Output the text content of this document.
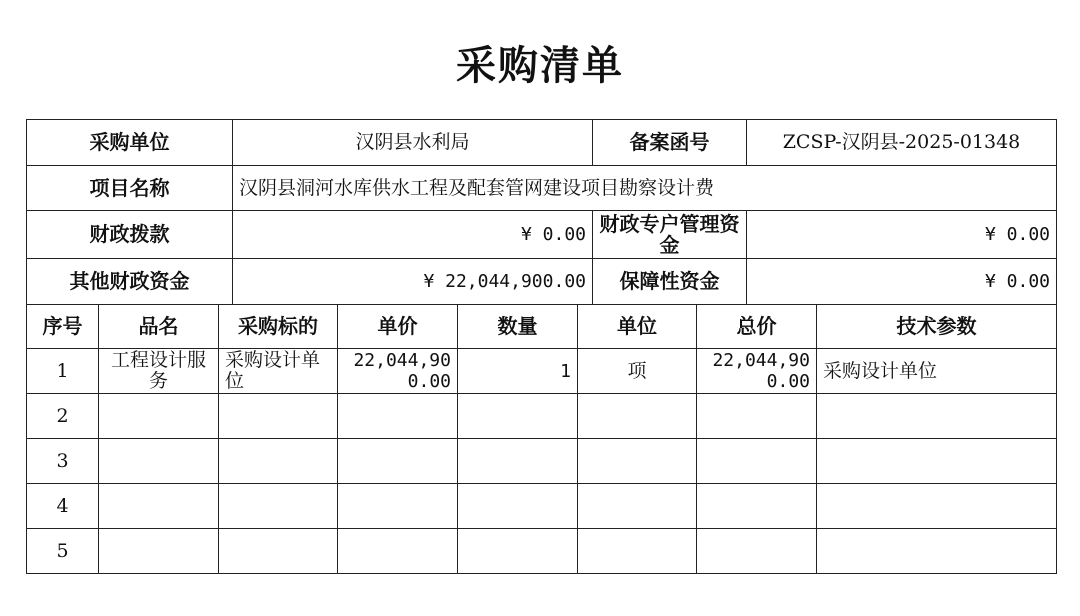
采购清单
采购单位	汉阴县水利局	备案函号	ZCSP-汉阴县-2025-01348
项目名称	汉阴县洞河水库供水工程及配套管网建设项目勘察设计费		
财政拨款	¥ 0.00	财政专户管理资金	¥ 0.00
其他财政资金	¥ 22,044,900.00	保障性资金	¥ 0.00
序号	品名	采购标的	单价	数量	单位	总价	技术参数
1	工程设计服务	采购设计单位	22,044,900.00	1	项	22,044,900.00	采购设计单位
2							
3							
4							
5							
